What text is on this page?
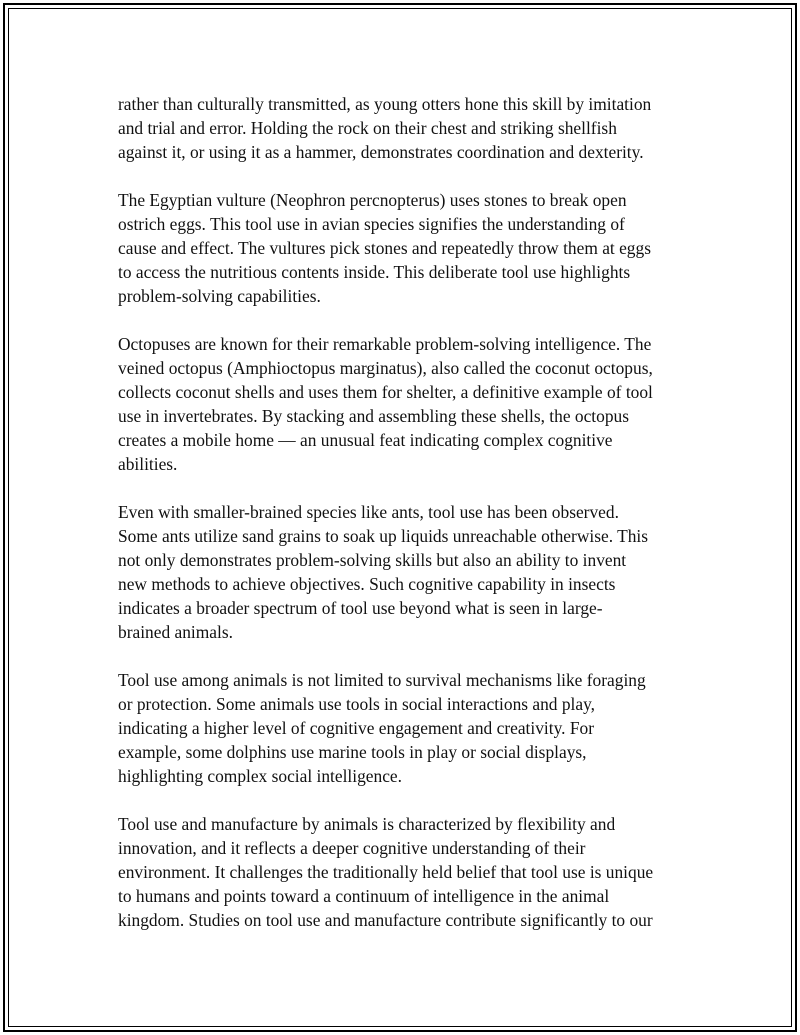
rather than culturally transmitted, as young otters hone this skill by imitation
and trial and error. Holding the rock on their chest and striking shellfish
against it, or using it as a hammer, demonstrates coordination and dexterity.

The Egyptian vulture (Neophron percnopterus) uses stones to break open
ostrich eggs. This tool use in avian species signifies the understanding of
cause and effect. The vultures pick stones and repeatedly throw them at eggs
to access the nutritious contents inside. This deliberate tool use highlights
problem-solving capabilities.

Octopuses are known for their remarkable problem-solving intelligence. The
veined octopus (Amphioctopus marginatus), also called the coconut octopus,
collects coconut shells and uses them for shelter, a definitive example of tool
use in invertebrates. By stacking and assembling these shells, the octopus
creates a mobile home — an unusual feat indicating complex cognitive
abilities.

Even with smaller-brained species like ants, tool use has been observed.
Some ants utilize sand grains to soak up liquids unreachable otherwise. This
not only demonstrates problem-solving skills but also an ability to invent
new methods to achieve objectives. Such cognitive capability in insects
indicates a broader spectrum of tool use beyond what is seen in large-
brained animals.

Tool use among animals is not limited to survival mechanisms like foraging
or protection. Some animals use tools in social interactions and play,
indicating a higher level of cognitive engagement and creativity. For
example, some dolphins use marine tools in play or social displays,
highlighting complex social intelligence.

Tool use and manufacture by animals is characterized by flexibility and
innovation, and it reflects a deeper cognitive understanding of their
environment. It challenges the traditionally held belief that tool use is unique
to humans and points toward a continuum of intelligence in the animal
kingdom. Studies on tool use and manufacture contribute significantly to our
